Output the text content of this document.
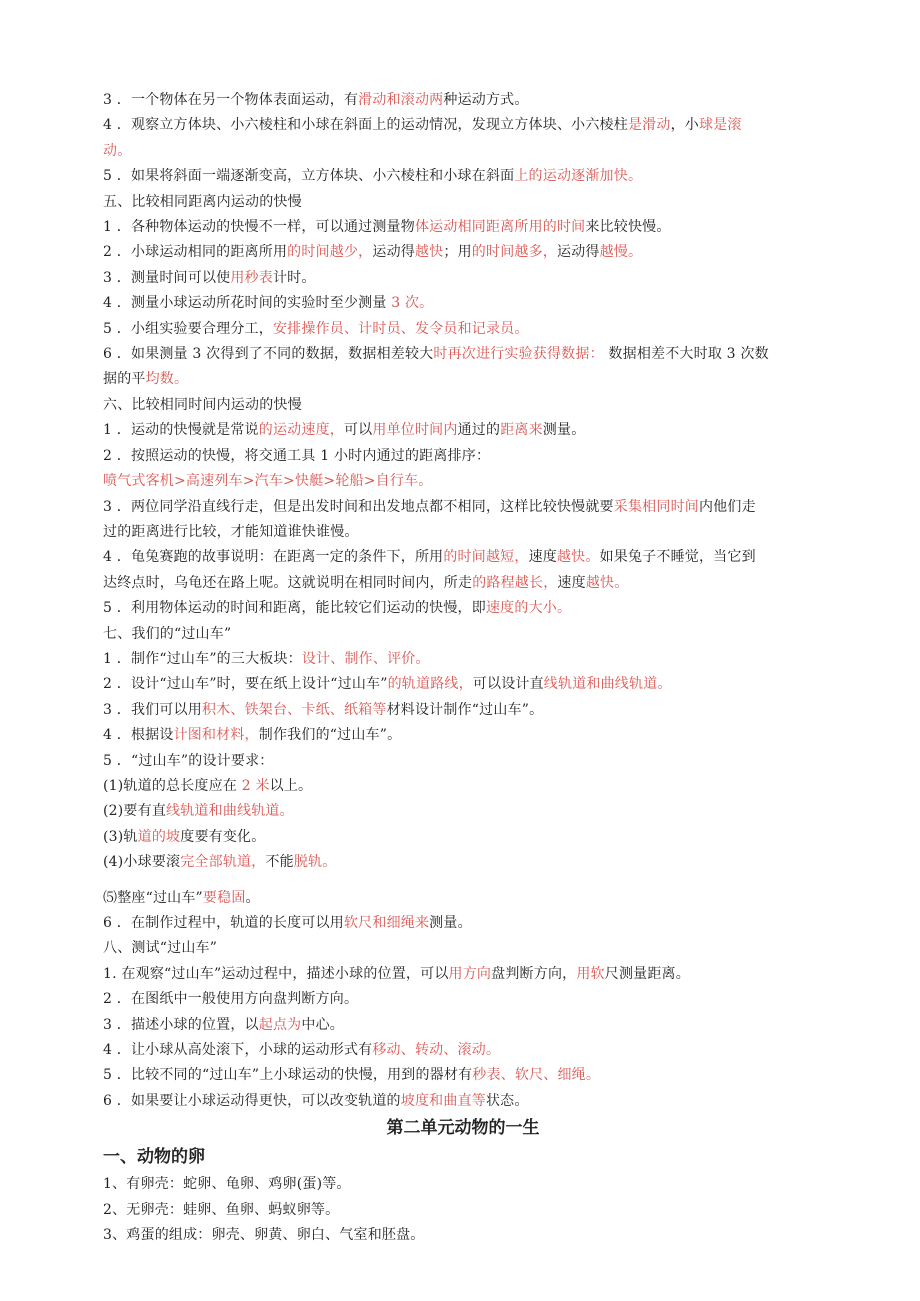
3 ．一个物体在另一个物体表面运动，有滑动和滚动两种运动方式。
4 ．观察立方体块、小六棱柱和小球在斜面上的运动情况，发现立方体块、小六棱柱是滑动，小球是滚
动。
5 ．如果将斜面一端逐渐变高，立方体块、小六棱柱和小球在斜面上的运动逐渐加快。
五、比较相同距离内运动的快慢
1 ．各种物体运动的快慢不一样，可以通过测量物体运动相同距离所用的时间来比较快慢。
2 ．小球运动相同的距离所用的时间越少，运动得越快；用的时间越多，运动得越慢。
3 ．测量时间可以使用秒表计时。
4 ．测量小球运动所花时间的实验时至少测量 3 次。
5 ．小组实验要合理分工，安排操作员、计时员、发令员和记录员。
6 ．如果测量 3 次得到了不同的数据，数据相差较大时再次进行实验获得数据： 数据相差不大时取 3 次数
据的平均数。
六、比较相同时间内运动的快慢
1 ．运动的快慢就是常说的运动速度，可以用单位时间内通过的距离来测量。
2 ．按照运动的快慢，将交通工具 1 小时内通过的距离排序：
喷气式客机>高速列车>汽车>快艇>轮船>自行车。
3 ．两位同学沿直线行走，但是出发时间和出发地点都不相同，这样比较快慢就要采集相同时间内他们走
过的距离进行比较，才能知道谁快谁慢。
4 ．龟兔赛跑的故事说明：在距离一定的条件下，所用的时间越短，速度越快。如果兔子不睡觉，当它到
达终点时，乌龟还在路上呢。这就说明在相同时间内，所走的路程越长，速度越快。
5 ．利用物体运动的时间和距离，能比较它们运动的快慢，即速度的大小。
七、我们的“过山车”
1 ．制作“过山车”的三大板块：设计、制作、评价。
2 ．设计“过山车”时，要在纸上设计“过山车”的轨道路线，可以设计直线轨道和曲线轨道。
3 ．我们可以用积木、铁架台、卡纸、纸箱等材料设计制作“过山车”。
4 ．根据设计图和材料，制作我们的“过山车”。
5 ．“过山车”的设计要求：
(1)轨道的总长度应在 2 米以上。
(2)要有直线轨道和曲线轨道。
(3)轨道的坡度要有变化。
(4)小球要滚完全部轨道，不能脱轨。
⑸整座“过山车”要稳固。
6 ．在制作过程中，轨道的长度可以用软尺和细绳来测量。
八、测试“过山车”
1. 在观察“过山车”运动过程中，描述小球的位置，可以用方向盘判断方向，用软尺测量距离。
2 ．在图纸中一般使用方向盘判断方向。
3 ．描述小球的位置，以起点为中心。
4 ．让小球从高处滚下，小球的运动形式有移动、转动、滚动。
5 ．比较不同的“过山车”上小球运动的快慢，用到的器材有秒表、软尺、细绳。
6 ．如果要让小球运动得更快，可以改变轨道的坡度和曲直等状态。
第二单元动物的一生
一、动物的卵
1、有卵壳：蛇卵、龟卵、鸡卵(蛋)等。
2、无卵壳：蛙卵、鱼卵、蚂蚁卵等。
3、鸡蛋的组成：卵壳、卵黄、卵白、气室和胚盘。
